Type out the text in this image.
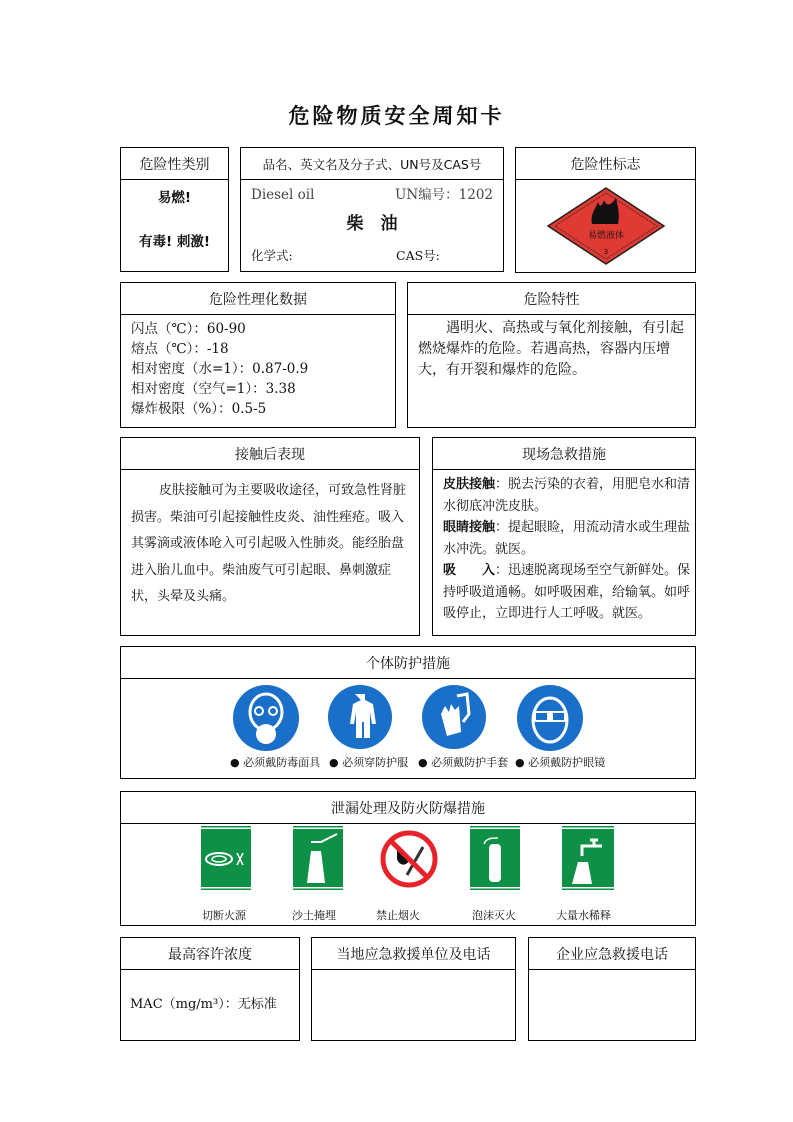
危险物质安全周知卡
危险性类别
易燃!
有毒! 刺激!
品名、英文名及分子式、UN号及CAS号
Diesel oil	UN编号：1202
柴　油
化学式:	CAS号:
危险性标志
易燃液体
3
危险性理化数据
闪点（℃）：60-90
熔点（℃）：-18
相对密度（水=1）：0.87-0.9
相对密度（空气=1）：3.38
爆炸极限（%）：0.5-5
危险特性
遇明火、高热或与氧化剂接触，有引起燃烧爆炸的危险。若遇高热，容器内压增大，有开裂和爆炸的危险。
接触后表现
皮肤接触可为主要吸收途径，可致急性肾脏损害。柴油可引起接触性皮炎、油性痤疮。吸入其雾滴或液体呛入可引起吸入性肺炎。能经胎盘进入胎儿血中。柴油废气可引起眼、鼻刺激症状，头晕及头痛。
现场急救措施
皮肤接触：脱去污染的衣着，用肥皂水和清水彻底冲洗皮肤。
眼睛接触：提起眼睑，用流动清水或生理盐水冲洗。就医。
吸　　入：迅速脱离现场至空气新鲜处。保持呼吸道通畅。如呼吸困难，给输氧。如呼吸停止，立即进行人工呼吸。就医。
个体防护措施
● 必须戴防毒面具 ● 必须穿防护服 ● 必须戴防护手套 ● 必须戴防护眼镜
泄漏处理及防火防爆措施
切断火源	沙土掩埋	禁止烟火	泡沫灭火	大量水稀释
最高容许浓度
MAC（mg/m³）：无标准
当地应急救援单位及电话	企业应急救援电话
